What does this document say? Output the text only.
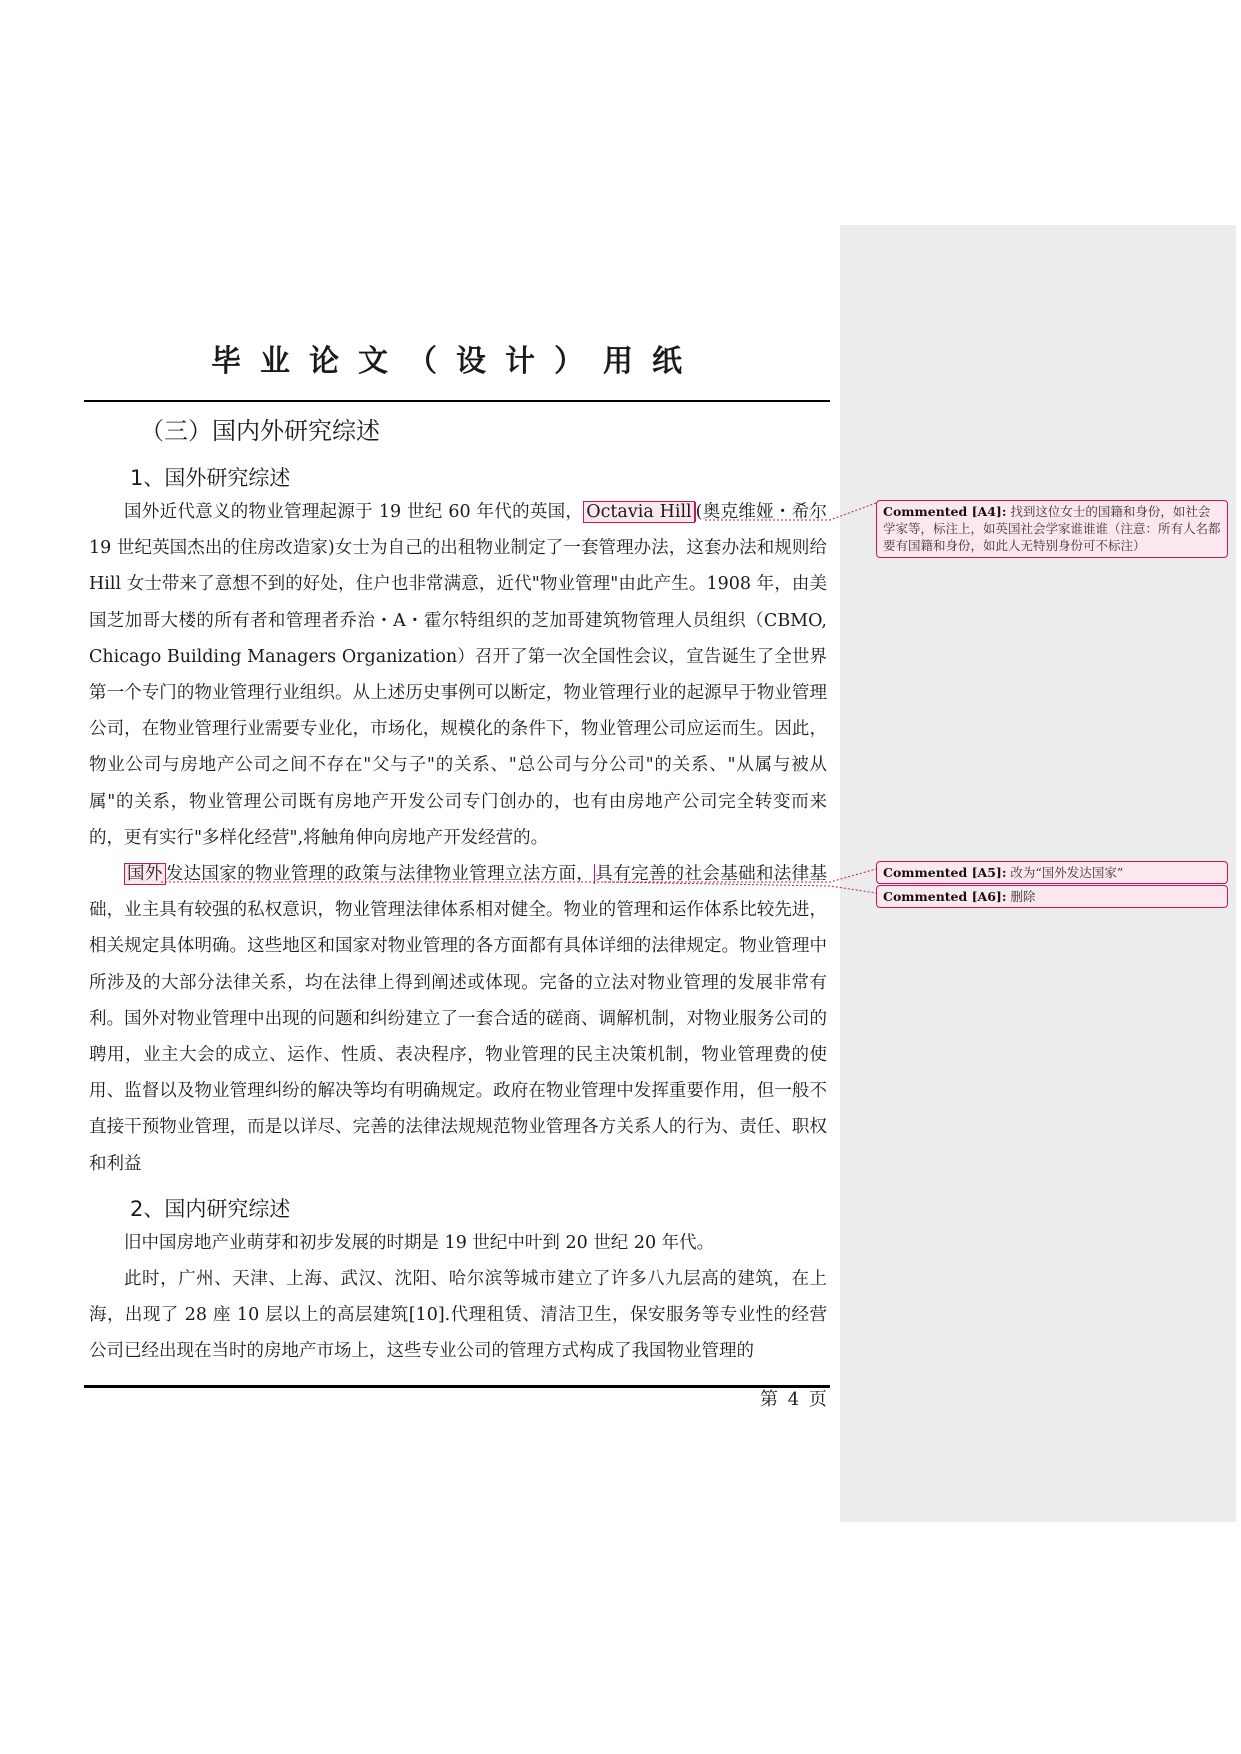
毕业论文（设计）用纸
（三）国内外研究综述
1、国外研究综述

国外近代意义的物业管理起源于 19 世纪 60 年代的英国， Octavia Hill (奥克维娅・希尔 19 世纪英国杰出的住房改造家)女士为自己的出租物业制定了一套管理办法，这套办法和规则给 Hill 女士带来了意想不到的好处，住户也非常满意，近代"物业管理"由此产生。1908 年，由美国芝加哥大楼的所有者和管理者乔治・A・霍尔特组织的芝加哥建筑物管理人员组织（CBMO, Chicago Building Managers Organization）召开了第一次全国性会议，宣告诞生了全世界第一个专门的物业管理行业组织。从上述历史事例可以断定，物业管理行业的起源早于物业管理公司，在物业管理行业需要专业化，市场化，规模化的条件下，物业管理公司应运而生。因此，物业公司与房地产公司之间不存在"父与子"的关系、"总公司与分公司"的关系、"从属与被从属"的关系，物业管理公司既有房地产开发公司专门创办的，也有由房地产公司完全转变而来的，更有实行"多样化经营",将触角伸向房地产开发经营的。

国外 发达国家的物业管理的政策与法律物业管理立法方面，具有完善的社会基础和法律基础，业主具有较强的私权意识，物业管理法律体系相对健全。物业的管理和运作体系比较先进，相关规定具体明确。这些地区和国家对物业管理的各方面都有具体详细的法律规定。物业管理中所涉及的大部分法律关系，均在法律上得到阐述或体现。完备的立法对物业管理的发展非常有利。国外对物业管理中出现的问题和纠纷建立了一套合适的磋商、调解机制，对物业服务公司的聘用，业主大会的成立、运作、性质、表决程序，物业管理的民主决策机制，物业管理费的使用、监督以及物业管理纠纷的解决等均有明确规定。政府在物业管理中发挥重要作用，但一般不直接干预物业管理，而是以详尽、完善的法律法规规范物业管理各方关系人的行为、责任、职权和利益

2、国内研究综述

旧中国房地产业萌芽和初步发展的时期是 19 世纪中叶到 20 世纪 20 年代。

此时，广州、天津、上海、武汉、沈阳、哈尔滨等城市建立了许多八九层高的建筑，在上海，出现了 28 座 10 层以上的高层建筑[10].代理租赁、清洁卫生，保安服务等专业性的经营公司已经出现在当时的房地产市场上，这些专业公司的管理方式构成了我国物业管理的

第 4 页
Commented [A4]: 找到这位女士的国籍和身份，如社会学家等，标注上，如英国社会学家谁谁谁（注意：所有人名都要有国籍和身份，如此人无特别身份可不标注）
Commented [A5]: 改为“国外发达国家”
Commented [A6]: 删除
